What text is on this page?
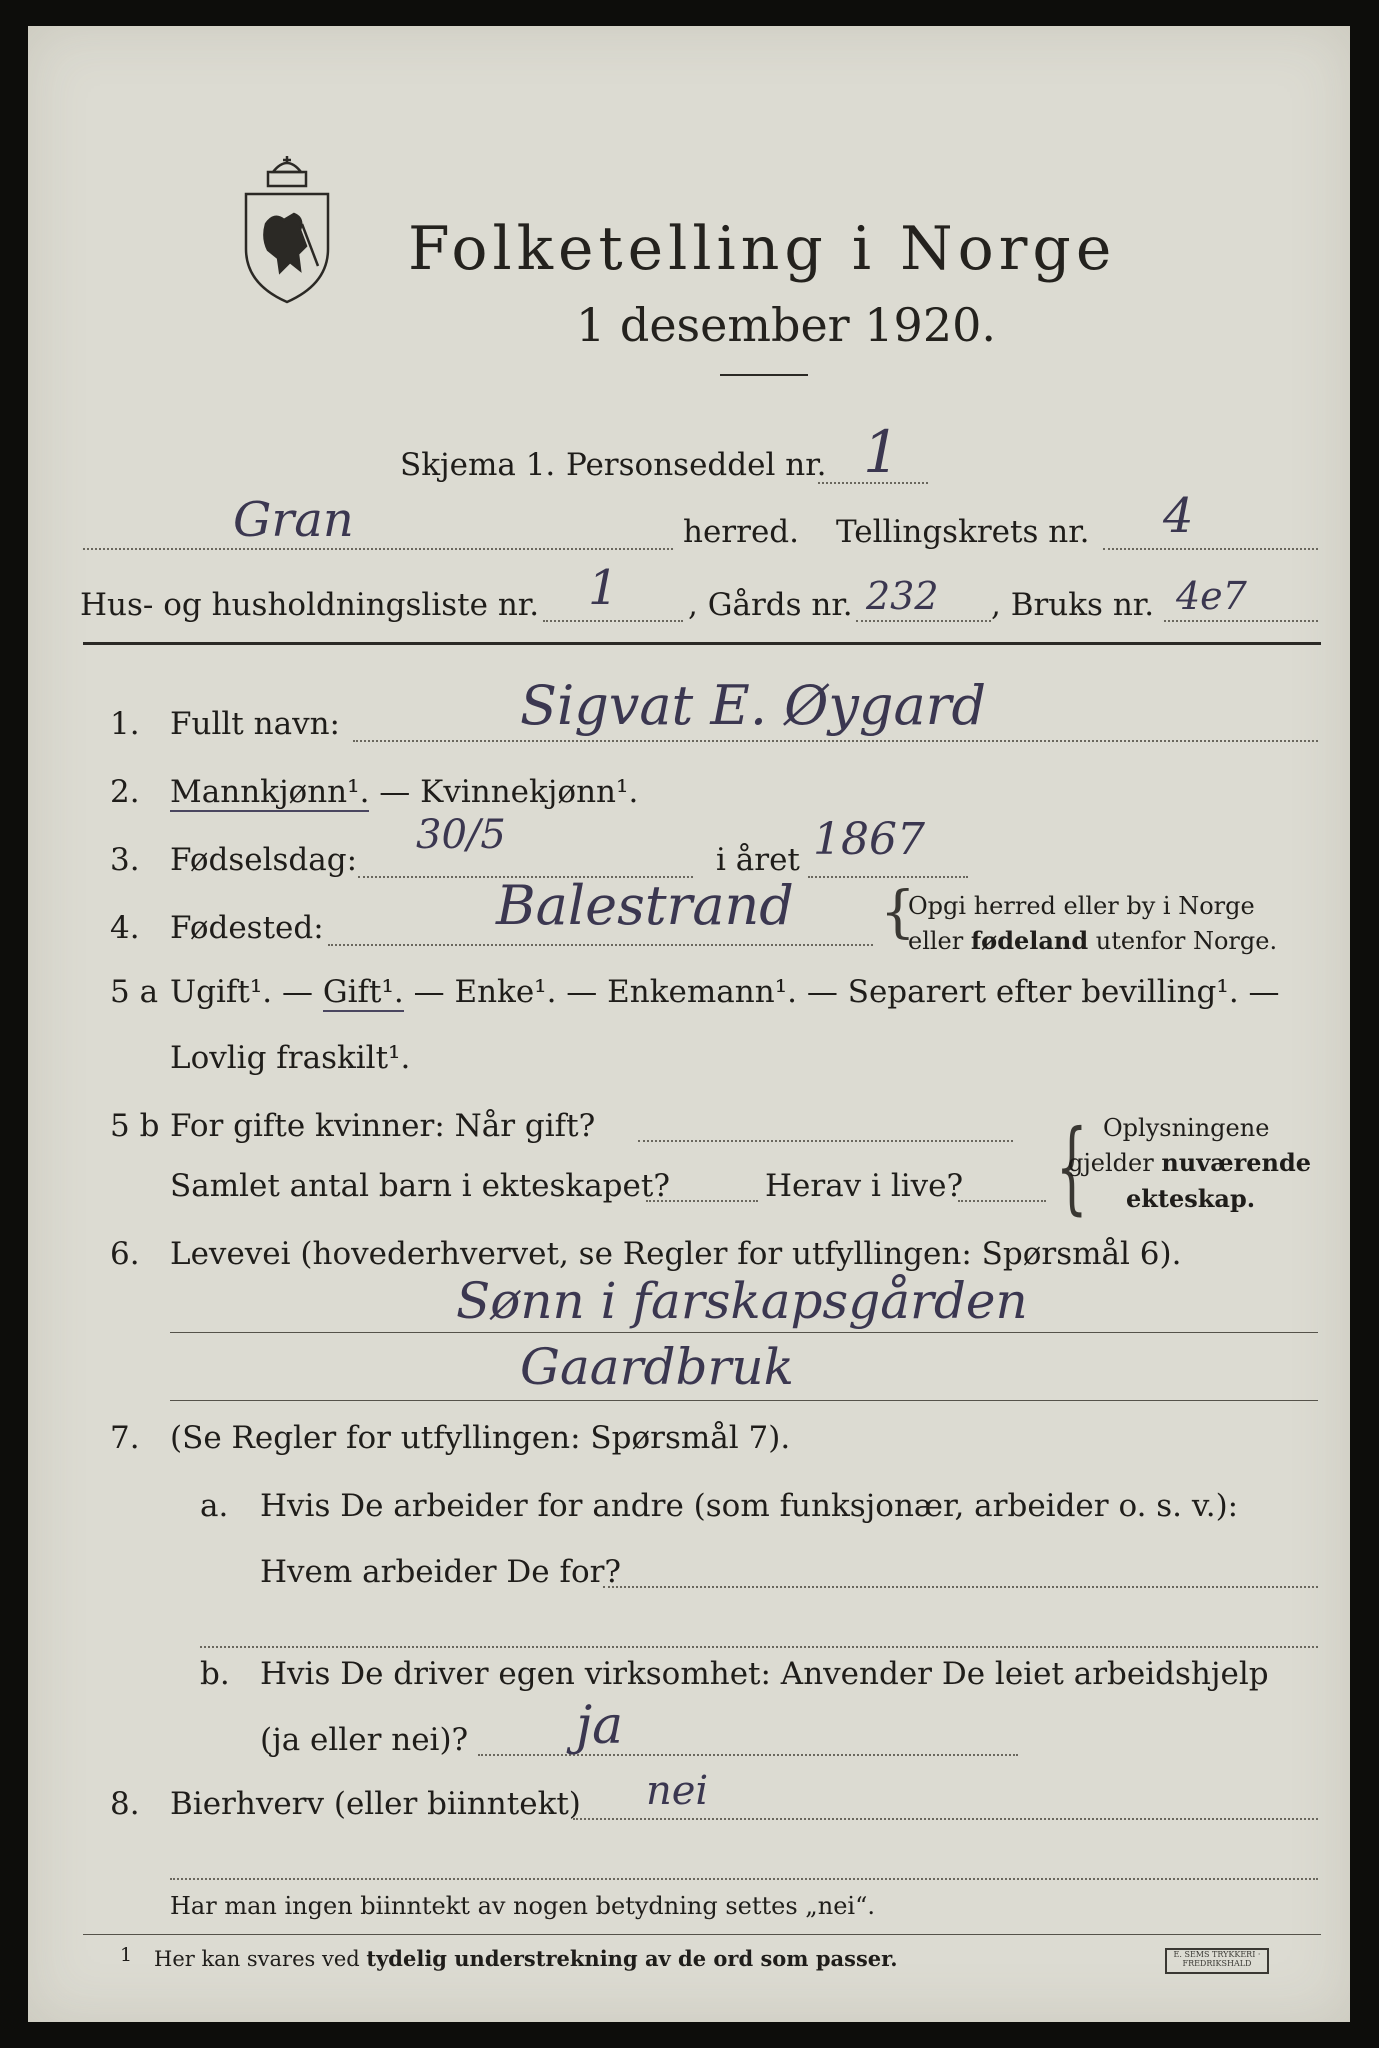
Folketelling i Norge
1 desember 1920.
Skjema 1. Personseddel nr. 1
Gran	herred. Tellingskrets nr. 4
Hus- og husholdningsliste nr. 1 , Gårds nr. 232 , Bruks nr. 4e7
1. Fullt navn:	Sigvat E. Øygard
2. Mannkjønn¹. — Kvinnekjønn¹.
3. Fødselsdag:
30/5
i året 1867
4. Fødested:	Balestrand {
Opgi herred eller by i Norge
eller fødeland utenfor Norge.
5 a Ugift¹. — Gift¹. — Enke¹. — Enkemann¹. — Separert efter bevilling¹. —
Lovlig fraskilt¹.
5 b For gifte kvinner: Når gift?
Samlet antal barn i ekteskapet?	Herav i live? { Oplysningene
gjelder nuværende
ekteskap.
6. Levevei (hovederhvervet, se Regler for utfyllingen: Spørsmål 6).
Sønn i farskapsgården
Gaardbruk
7. (Se Regler for utfyllingen: Spørsmål 7).
a. Hvis De arbeider for andre (som funksjonær, arbeider o. s. v.):
Hvem arbeider De for?
b. Hvis De driver egen virksomhet: Anvender De leiet arbeidshjelp
(ja eller nei)? ja
8. Bierhverv (eller biinntekt) nei
Har man ingen biinntekt av nogen betydning settes „nei“.
1 Her kan svares ved tydelig understrekning av de ord som passer.	E. SEMS TRYKKERI · FREDRIKSHALD
